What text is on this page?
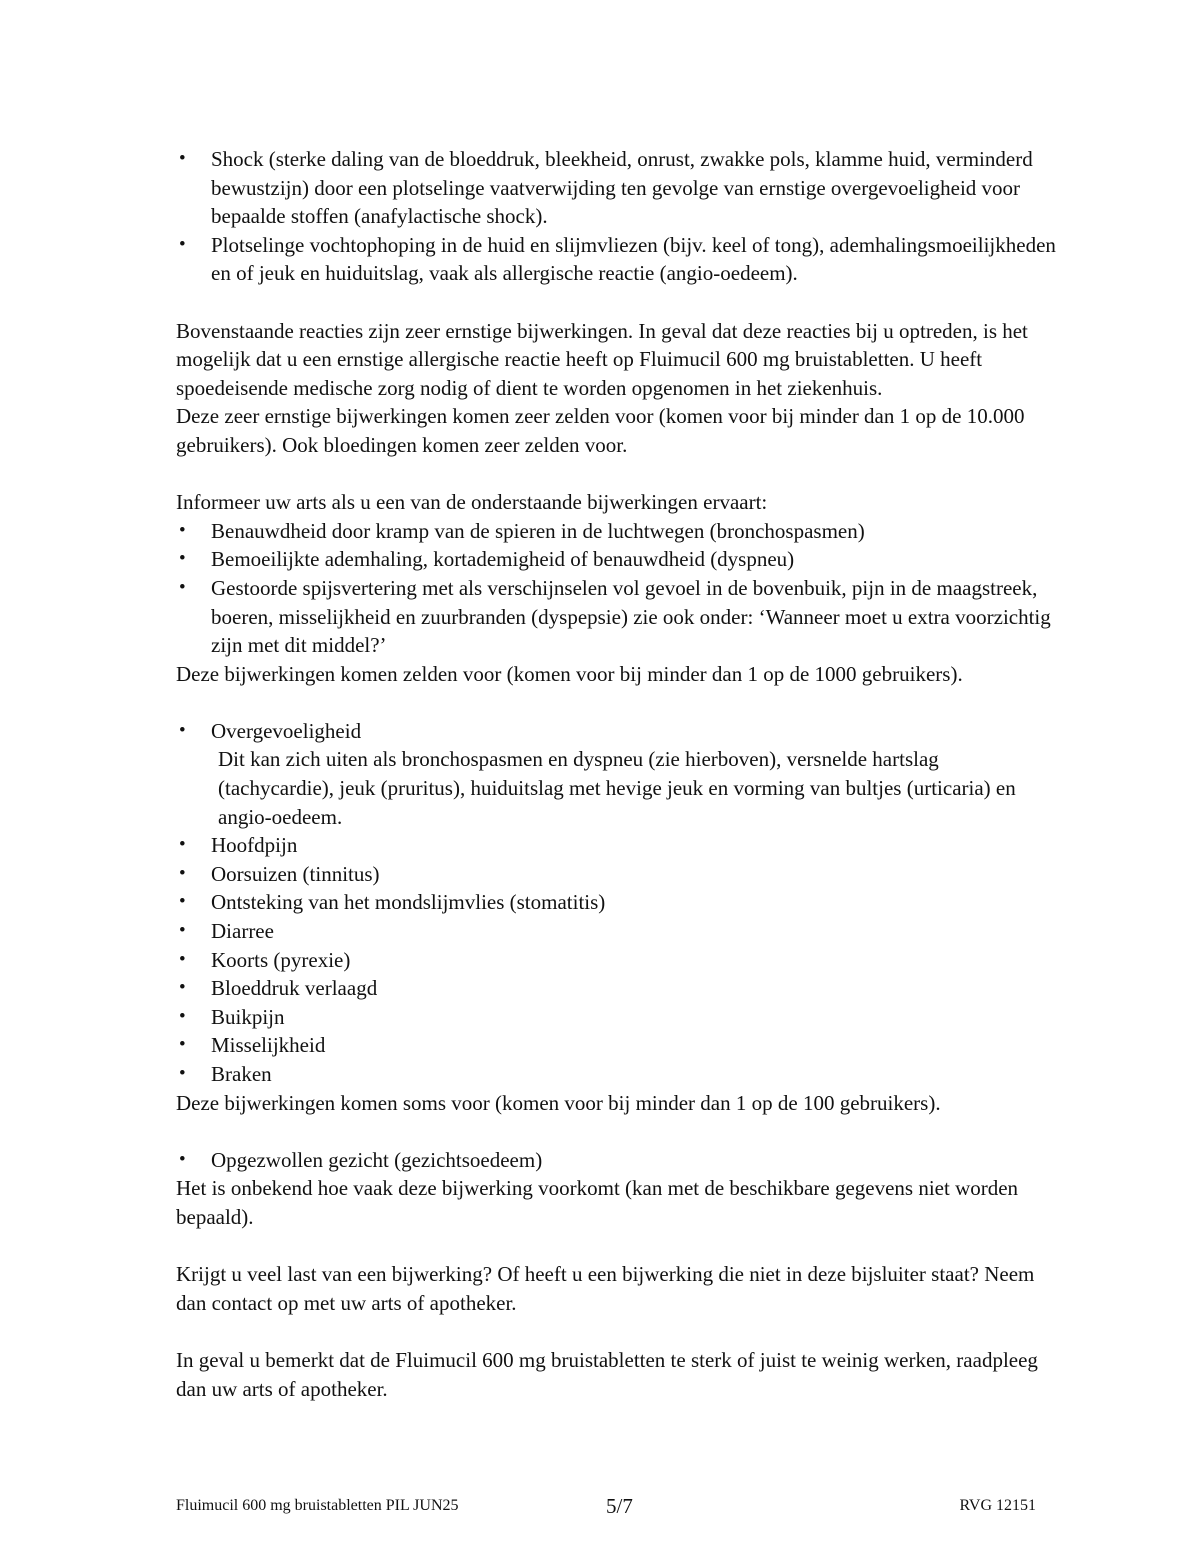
• Shock (sterke daling van de bloeddruk, bleekheid, onrust, zwakke pols, klamme huid, verminderd bewustzijn) door een plotselinge vaatverwijding ten gevolge van ernstige overgevoeligheid voor bepaalde stoffen (anafylactische shock).
• Plotselinge vochtophoping in de huid en slijmvliezen (bijv. keel of tong), ademhalingsmoeilijkheden en of jeuk en huiduitslag, vaak als allergische reactie (angio-oedeem).

Bovenstaande reacties zijn zeer ernstige bijwerkingen. In geval dat deze reacties bij u optreden, is het mogelijk dat u een ernstige allergische reactie heeft op Fluimucil 600 mg bruistabletten. U heeft spoedeisende medische zorg nodig of dient te worden opgenomen in het ziekenhuis.

Deze zeer ernstige bijwerkingen komen zeer zelden voor (komen voor bij minder dan 1 op de 10.000 gebruikers). Ook bloedingen komen zeer zelden voor.

Informeer uw arts als u een van de onderstaande bijwerkingen ervaart:

• Benauwdheid door kramp van de spieren in de luchtwegen (bronchospasmen)
• Bemoeilijkte ademhaling, kortademigheid of benauwdheid (dyspneu)
• Gestoorde spijsvertering met als verschijnselen vol gevoel in de bovenbuik, pijn in de maagstreek, boeren, misselijkheid en zuurbranden (dyspepsie) zie ook onder: ‘Wanneer moet u extra voorzichtig zijn met dit middel?’

Deze bijwerkingen komen zelden voor (komen voor bij minder dan 1 op de 1000 gebruikers).

• Overgevoeligheid
Dit kan zich uiten als bronchospasmen en dyspneu (zie hierboven), versnelde hartslag (tachycardie), jeuk (pruritus), huiduitslag met hevige jeuk en vorming van bultjes (urticaria) en angio-oedeem.
• Hoofdpijn
• Oorsuizen (tinnitus)
• Ontsteking van het mondslijmvlies (stomatitis)
• Diarree
• Koorts (pyrexie)
• Bloeddruk verlaagd
• Buikpijn
• Misselijkheid
• Braken

Deze bijwerkingen komen soms voor (komen voor bij minder dan 1 op de 100 gebruikers).

• Opgezwollen gezicht (gezichtsoedeem)

Het is onbekend hoe vaak deze bijwerking voorkomt (kan met de beschikbare gegevens niet worden bepaald).

Krijgt u veel last van een bijwerking? Of heeft u een bijwerking die niet in deze bijsluiter staat? Neem dan contact op met uw arts of apotheker.

In geval u bemerkt dat de Fluimucil 600 mg bruistabletten te sterk of juist te weinig werken, raadpleeg dan uw arts of apotheker.

Fluimucil 600 mg bruistabletten PIL JUN25	5/7	RVG 12151
